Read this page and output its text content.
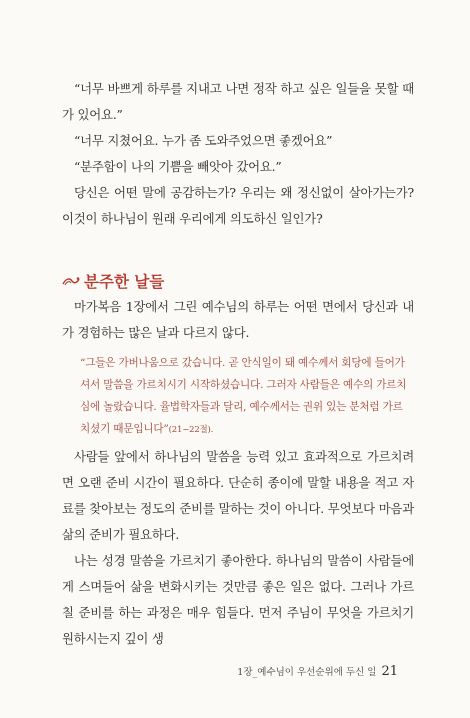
“너무 바쁘게 하루를 지내고 나면 정작 하고 싶은 일들을 못할 때가 있어요.”

“너무 지쳤어요. 누가 좀 도와주었으면 좋겠어요”

“분주함이 나의 기쁨을 빼앗아 갔어요.”

당신은 어떤 말에 공감하는가? 우리는 왜 정신없이 살아가는가? 이것이 하나님이 원래 우리에게 의도하신 일인가?

분주한 날들

마가복음 1장에서 그린 예수님의 하루는 어떤 면에서 당신과 내가 경험하는 많은 날과 다르지 않다.

“그들은 가버나움으로 갔습니다. 곧 안식일이 돼 예수께서 회당에 들어가셔서 말씀을 가르치시기 시작하셨습니다. 그러자 사람들은 예수의 가르치심에 놀랐습니다. 율법학자들과 달리, 예수께서는 권위 있는 분처럼 가르치셨기 때문입니다”(21~22절).

사람들 앞에서 하나님의 말씀을 능력 있고 효과적으로 가르치려면 오랜 준비 시간이 필요하다. 단순히 종이에 말할 내용을 적고 자료를 찾아보는 정도의 준비를 말하는 것이 아니다. 무엇보다 마음과 삶의 준비가 필요하다.

나는 성경 말씀을 가르치기 좋아한다. 하나님의 말씀이 사람들에게 스며들어 삶을 변화시키는 것만큼 좋은 일은 없다. 그러나 가르칠 준비를 하는 과정은 매우 힘들다. 먼저 주님이 무엇을 가르치기 원하시는지 깊이 생

1장_예수님이 우선순위에 두신 일 21
